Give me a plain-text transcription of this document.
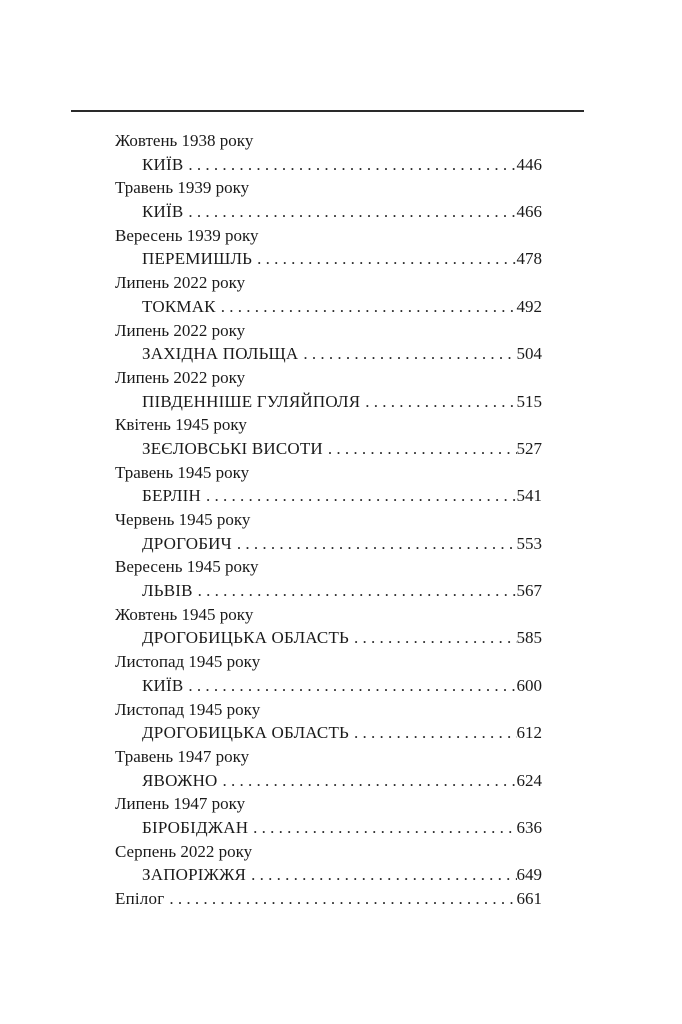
Жовтень 1938 року
КИЇВ . . .	446
Травень 1939 року
КИЇВ . . .	466
Вересень 1939 року
ПЕРЕМИШЛЬ . . .	478
Липень 2022 року
ТОКМАК . . .	492
Липень 2022 року
ЗАХІДНА ПОЛЬЩА . . .	504
Липень 2022 року
ПІВДЕННІШЕ ГУЛЯЙПОЛЯ . . .	515
Квітень 1945 року
ЗЕЄЛОВСЬКІ ВИСОТИ . . .	527
Травень 1945 року
БЕРЛІН . . .	541
Червень 1945 року
ДРОГОБИЧ . . .	553
Вересень 1945 року
ЛЬВІВ . . .	567
Жовтень 1945 року
ДРОГОБИЦЬКА ОБЛАСТЬ . . .	585
Листопад 1945 року
КИЇВ . . .	600
Листопад 1945 року
ДРОГОБИЦЬКА ОБЛАСТЬ . . .	612
Травень 1947 року
ЯВОЖНО . . .	624
Липень 1947 року
БІРОБІДЖАН . . .	636
Серпень 2022 року
ЗАПОРІЖЖЯ . . .	649
Епілог . . .	661
